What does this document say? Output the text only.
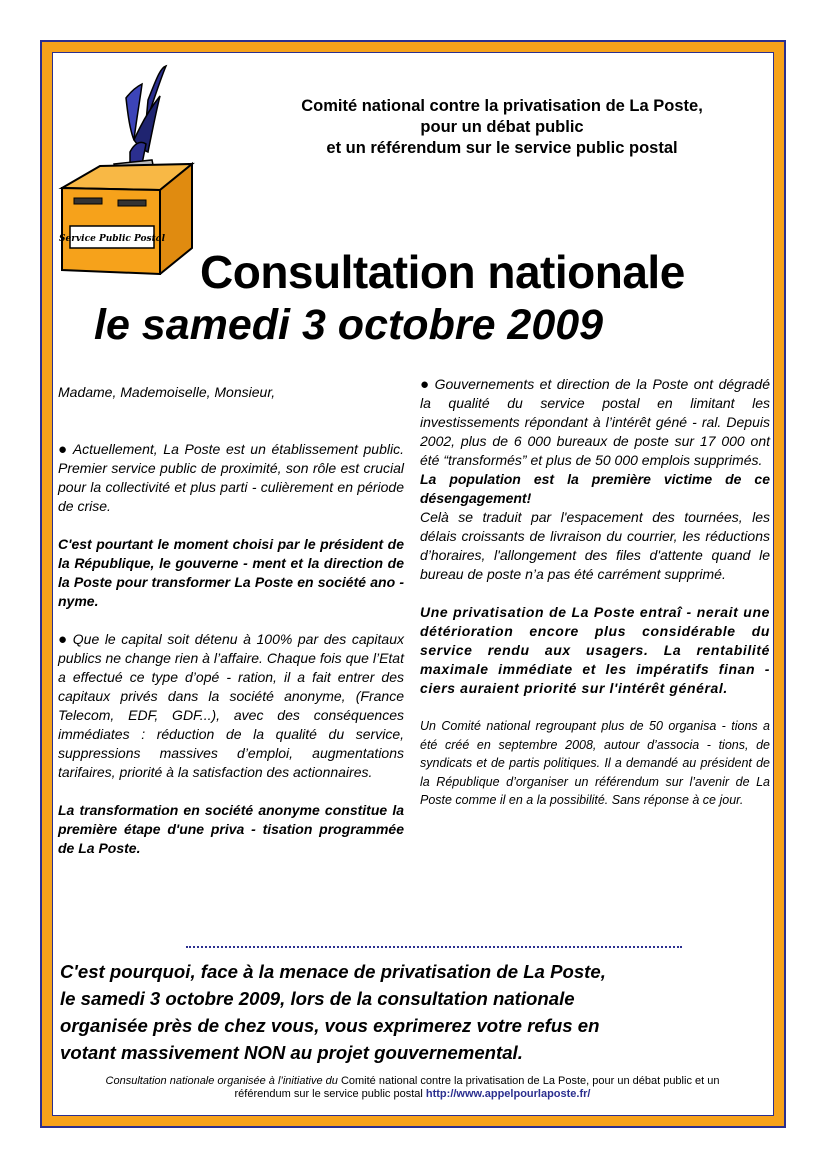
Service Public Postal
Comité national contre la privatisation de La Poste,
pour un débat public
et un référendum sur le service public postal
Consultation nationale
le samedi 3 octobre 2009

Madame, Mademoiselle, Monsieur,

● Actuellement, La Poste est un établissement public. Premier service public de proximité, son rôle est crucial pour la collectivité et plus parti - culièrement en période de crise.

C'est pourtant le moment choisi par le président de la République, le gouverne - ment et la direction de la Poste pour transformer La Poste en société ano - nyme.

● Que le capital soit détenu à 100% par des capitaux publics ne change rien à l’affaire. Chaque fois que l’Etat a effectué ce type d’opé - ration, il a fait entrer des capitaux privés dans la société anonyme, (France Telecom, EDF, GDF...), avec des conséquences immédiates : réduction de la qualité du service, suppressions massives d’emploi, augmentations tarifaires, priorité à la satisfaction des actionnaires.

La transformation en société anonyme constitue la première étape d'une priva - tisation programmée de La Poste.

● Gouvernements et direction de la Poste ont dégradé la qualité du service postal en limitant les investissements répondant à l’intérêt géné - ral. Depuis 2002, plus de 6 000 bureaux de poste sur 17 000 ont été “transformés” et plus de 50 000 emplois supprimés.

La population est la première victime de ce désengagement!

Celà se traduit par l'espacement des tournées, les délais croissants de livraison du courrier, les réductions d’horaires, l'allongement des files d'attente quand le bureau de poste n’a pas été carrément supprimé.

Une privatisation de La Poste entraî - nerait une détérioration encore plus considérable du service rendu aux usagers. La rentabilité maximale immédiate et les impératifs finan - ciers auraient priorité sur l'intérêt général.

Un Comité national regroupant plus de 50 organisa - tions a été créé en septembre 2008, autour d’associa - tions, de syndicats et de partis politiques. Il a demandé au président de la République d’organiser un référendum sur l’avenir de La Poste comme il en a la possibilité. Sans réponse à ce jour.

C'est pourquoi, face à la menace de privatisation de La Poste,
le samedi 3 octobre 2009, lors de la consultation nationale
organisée près de chez vous, vous exprimerez votre refus en
votant massivement NON au projet gouvernemental.
Consultation nationale organisée à l’initiative du Comité national contre la privatisation de La Poste, pour un débat public et un
référendum sur le service public postal http://www.appelpourlaposte.fr/
